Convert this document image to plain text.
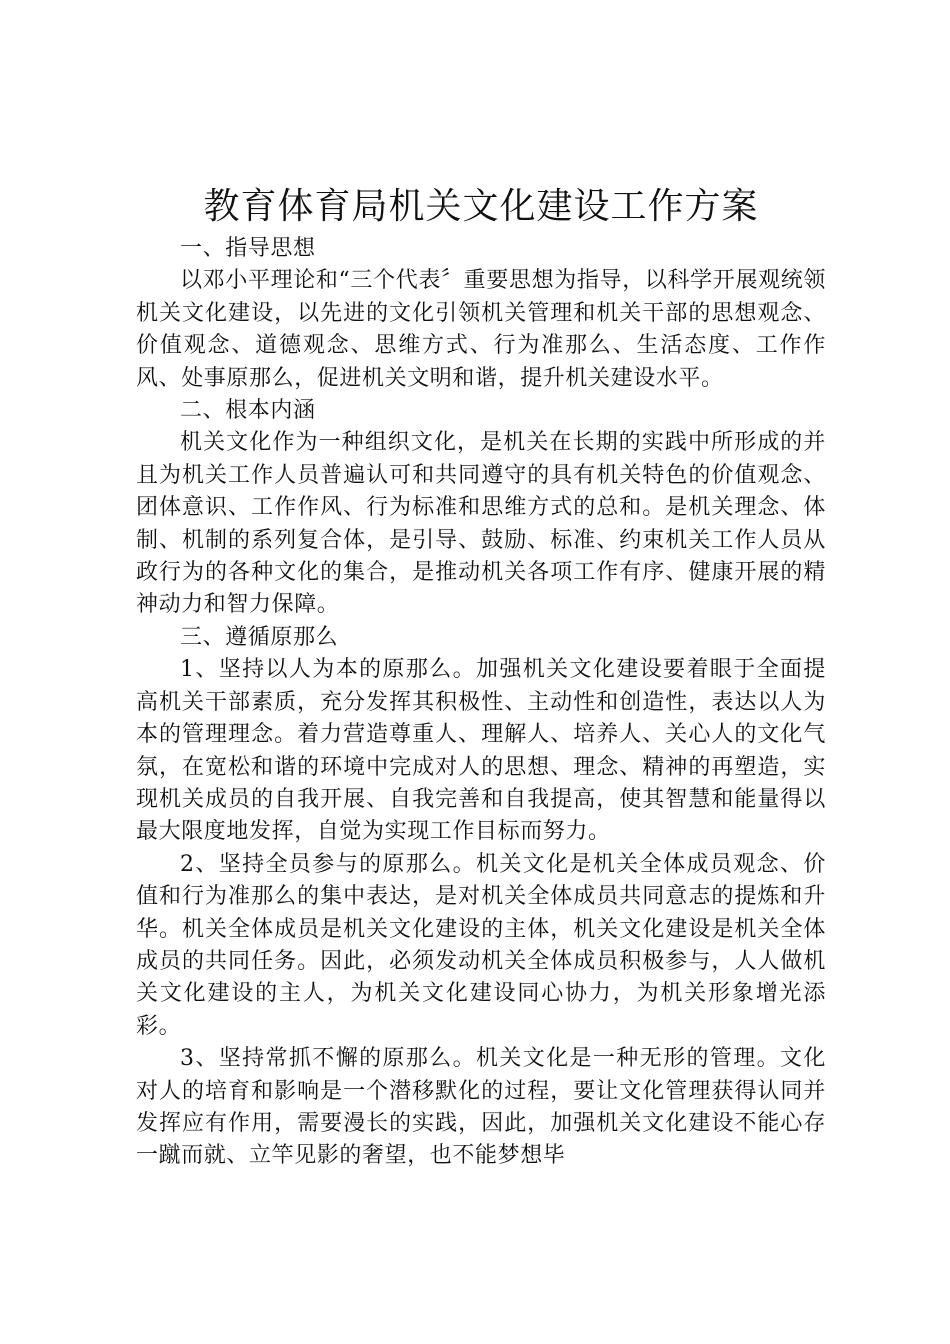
教育体育局机关文化建设工作方案

一、指导思想

以邓小平理论和“三个代表〞重要思想为指导，以科学开展观统领机关文化建设，以先进的文化引领机关管理和机关干部的思想观念、价值观念、道德观念、思维方式、行为准那么、生活态度、工作作风、处事原那么，促进机关文明和谐，提升机关建设水平。

二、根本内涵

机关文化作为一种组织文化，是机关在长期的实践中所形成的并且为机关工作人员普遍认可和共同遵守的具有机关特色的价值观念、团体意识、工作作风、行为标准和思维方式的总和。是机关理念、体制、机制的系列复合体，是引导、鼓励、标准、约束机关工作人员从政行为的各种文化的集合，是推动机关各项工作有序、健康开展的精神动力和智力保障。

三、遵循原那么

1、坚持以人为本的原那么。加强机关文化建设要着眼于全面提高机关干部素质，充分发挥其积极性、主动性和创造性，表达以人为本的管理理念。着力营造尊重人、理解人、培养人、关心人的文化气氛，在宽松和谐的环境中完成对人的思想、理念、精神的再塑造，实现机关成员的自我开展、自我完善和自我提高，使其智慧和能量得以最大限度地发挥，自觉为实现工作目标而努力。

2、坚持全员参与的原那么。机关文化是机关全体成员观念、价值和行为准那么的集中表达，是对机关全体成员共同意志的提炼和升华。机关全体成员是机关文化建设的主体，机关文化建设是机关全体成员的共同任务。因此，必须发动机关全体成员积极参与，人人做机关文化建设的主人，为机关文化建设同心协力，为机关形象增光添彩。

3、坚持常抓不懈的原那么。机关文化是一种无形的管理。文化对人的培育和影响是一个潜移默化的过程，要让文化管理获得认同并发挥应有作用，需要漫长的实践，因此，加强机关文化建设不能心存一蹴而就、立竿见影的奢望，也不能梦想毕
